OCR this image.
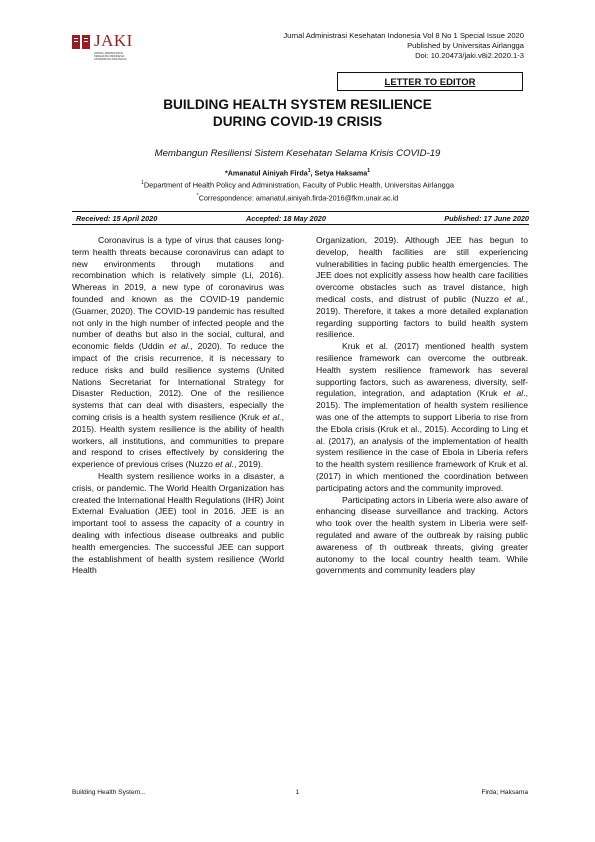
JAKI
JURNAL ADMINISTRASI
KESEHATAN INDONESIA
UNIVERSITAS AIRLANGGA
Jurnal Administrasi Kesehatan Indonesia Vol 8 No 1 Special Issue 2020
Published by Universitas Airlangga
Doi: 10.20473/jaki.v8i2.2020.1-3
LETTER TO EDITOR
BUILDING HEALTH SYSTEM RESILIENCE
DURING COVID-19 CRISIS
Membangun Resiliensi Sistem Kesehatan Selama Krisis COVID-19
*Amanatul Ainiyah Firda$^1$, Setya Haksama$^1$
$^1$Department of Health Policy and Administration, Faculty of Public Health, Universitas Airlangga
*Correspondence: amanatul.ainiyah.firda-2016@fkm.unair.ac.id
Received: 15 April 2020	Accepted: 18 May 2020	Published: 17 June 2020

Coronavirus is a type of virus that causes long-term health threats because coronavirus can adapt to new environments through mutations and recombination which is relatively simple (Li, 2016). Whereas in 2019, a new type of coronavirus was founded and known as the COVID-19 pandemic (Guarner, 2020). The COVID-19 pandemic has resulted not only in the high number of infected people and the number of deaths but also in the social, cultural, and economic fields (Uddin et al., 2020). To reduce the impact of the crisis recurrence, it is necessary to reduce risks and build resilience systems (United Nations Secretariat for International Strategy for Disaster Reduction, 2012). One of the resilience systems that can deal with disasters, especially the coming crisis is a health system resilience (Kruk et al., 2015). Health system resilience is the ability of health workers, all institutions, and communities to prepare and respond to crises effectively by considering the experience of previous crises (Nuzzo et al., 2019).

Health system resilience works in a disaster, a crisis, or pandemic. The World Health Organization has created the International Health Regulations (IHR) Joint External Evaluation (JEE) tool in 2016. JEE is an important tool to assess the capacity of a country in dealing with infectious disease outbreaks and public health emergencies. The successful JEE can support the establishment of health system resilience (World Health

Organization, 2019). Although JEE has begun to develop, health facilities are still experiencing vulnerabilities in facing public health emergencies. The JEE does not explicitly assess how health care facilities overcome obstacles such as travel distance, high medical costs, and distrust of public (Nuzzo et al., 2019). Therefore, it takes a more detailed explanation regarding supporting factors to build health system resilience.

Kruk et al. (2017) mentioned health system resilience framework can overcome the outbreak. Health system resilience framework has several supporting factors, such as awareness, diversity, self-regulation, integration, and adaptation (Kruk et al., 2015). The implementation of health system resilience was one of the attempts to support Liberia to rise from the Ebola crisis (Kruk et al., 2015). According to Ling et al. (2017), an analysis of the implementation of health system resilience in the case of Ebola in Liberia refers to the health system resilience framework of Kruk et al. (2017) in which mentioned the coordination between participating actors and the community improved.

Participating actors in Liberia were also aware of enhancing disease surveillance and tracking. Actors who took over the health system in Liberia were self-regulated and aware of the outbreak by raising public awareness of th outbreak threats, giving greater autonomy to the local country health team. While governments and community leaders play

Building Health System...	1	Firda; Haksama
